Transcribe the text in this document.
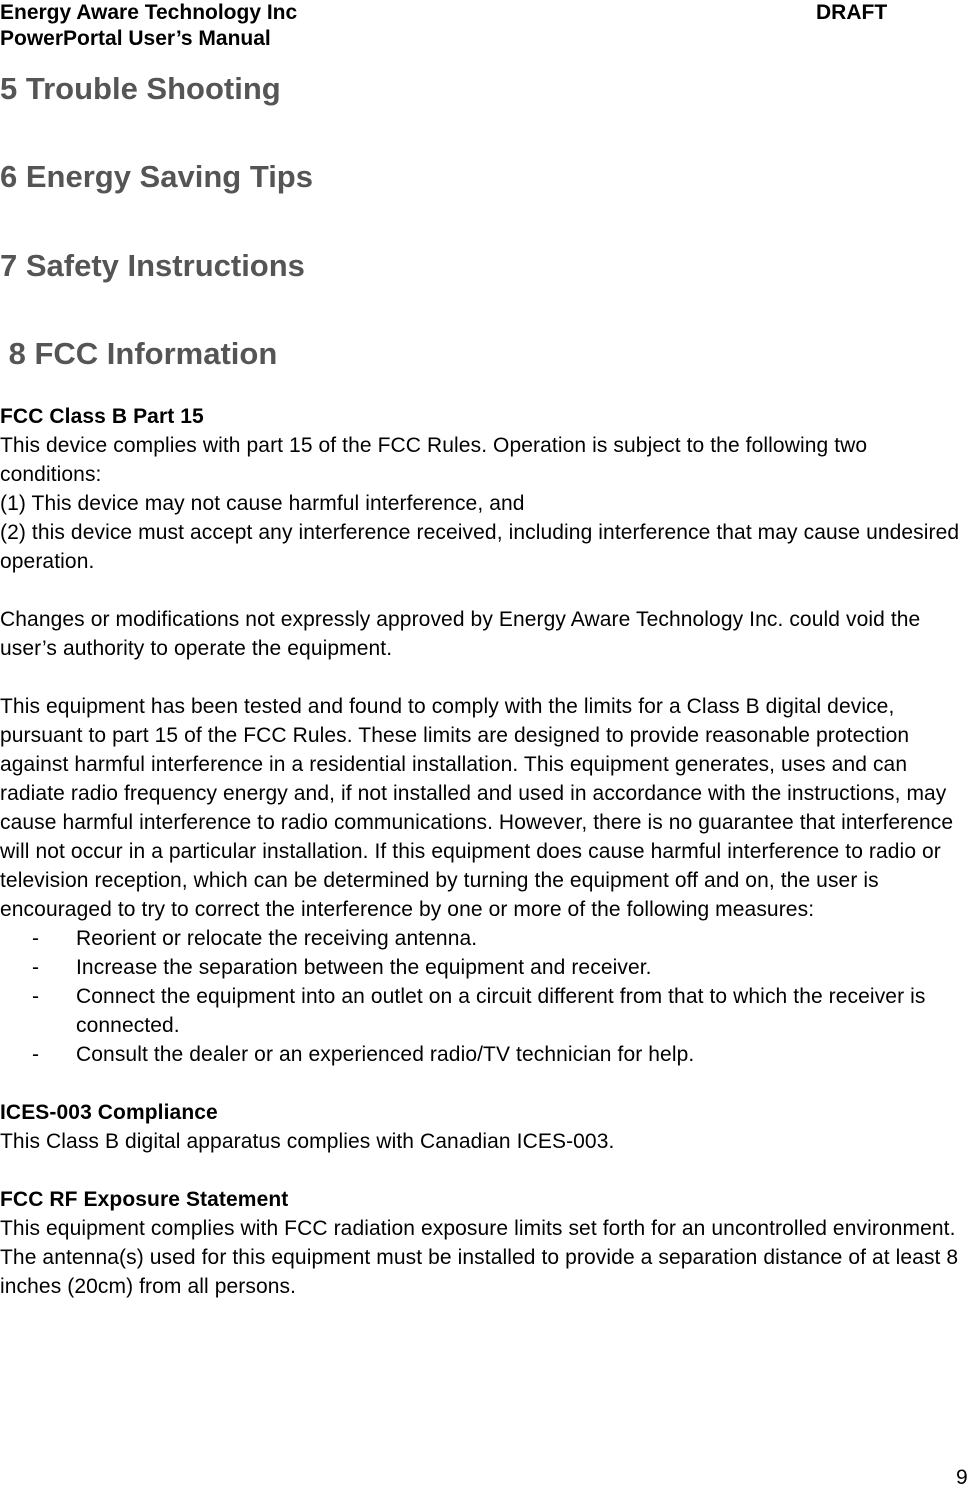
Energy Aware Technology Inc	DRAFT
PowerPortal User’s Manual
5 Trouble Shooting
6 Energy Saving Tips
7 Safety Instructions
8 FCC Information

FCC Class B Part 15

This device complies with part 15 of the FCC Rules. Operation is subject to the following two conditions:

(1) This device may not cause harmful interference, and

(2) this device must accept any interference received, including interference that may cause undesired operation.

Changes or modifications not expressly approved by Energy Aware Technology Inc. could void the user’s authority to operate the equipment.

This equipment has been tested and found to comply with the limits for a Class B digital device, pursuant to part 15 of the FCC Rules. These limits are designed to provide reasonable protection against harmful interference in a residential installation. This equipment generates, uses and can radiate radio frequency energy and, if not installed and used in accordance with the instructions, may cause harmful interference to radio communications. However, there is no guarantee that interference will not occur in a particular installation. If this equipment does cause harmful interference to radio or television reception, which can be determined by turning the equipment off and on, the user is encouraged to try to correct the interference by one or more of the following measures:

- Reorient or relocate the receiving antenna.
- Increase the separation between the equipment and receiver.
- Connect the equipment into an outlet on a circuit different from that to which the receiver is connected.
- Consult the dealer or an experienced radio/TV technician for help.

ICES-003 Compliance

This Class B digital apparatus complies with Canadian ICES-003.

FCC RF Exposure Statement

This equipment complies with FCC radiation exposure limits set forth for an uncontrolled environment. The antenna(s) used for this equipment must be installed to provide a separation distance of at least 8 inches (20cm) from all persons.

9
